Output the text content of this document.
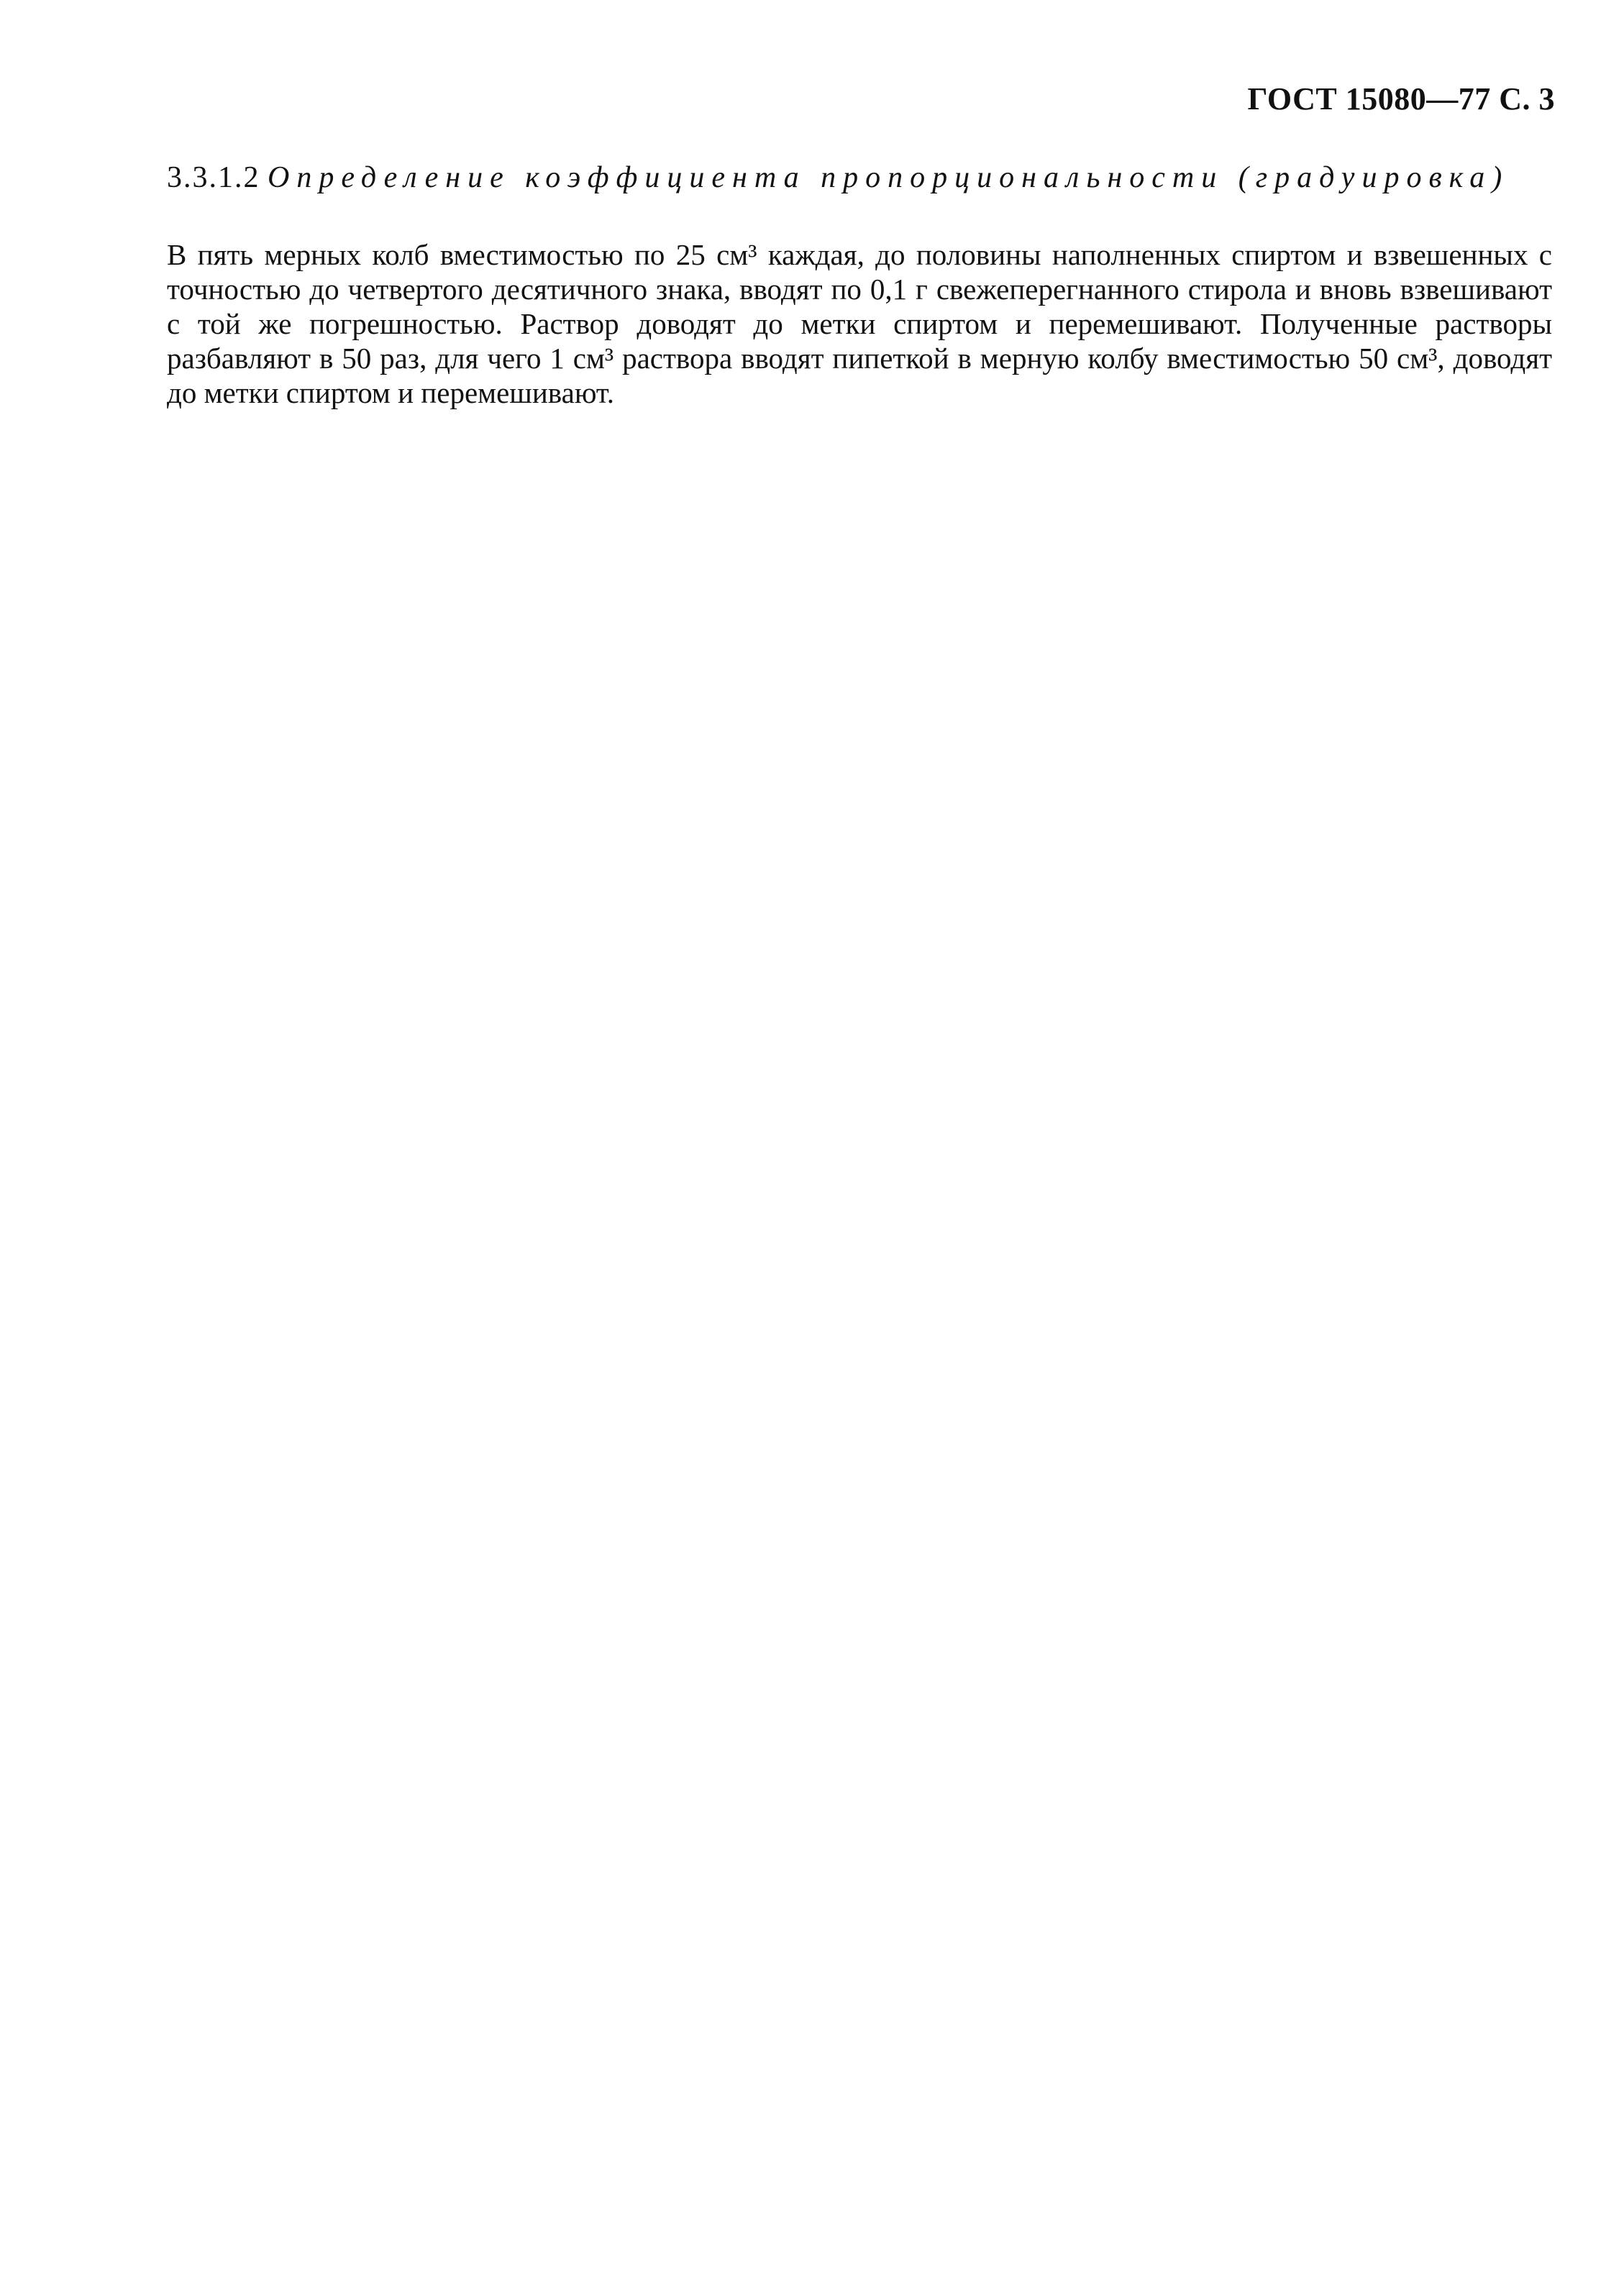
ГОСТ 15080—77 С. 3
3.3.1.2 Определение коэффициента пропорциональности (градуировка)
В пять мерных колб вместимостью по 25 см³ каждая, до половины наполненных спиртом и взвешенных с точностью до четвертого десятичного знака, вводят по 0,1 г свежеперегнанного стирола и вновь взвешивают с той же погрешностью. Раствор доводят до метки спиртом и перемешивают. Полученные растворы разбавляют в 50 раз, для чего 1 см³ раствора вводят пипеткой в мерную колбу вместимостью 50 см³, доводят до метки спиртом и перемешивают.
